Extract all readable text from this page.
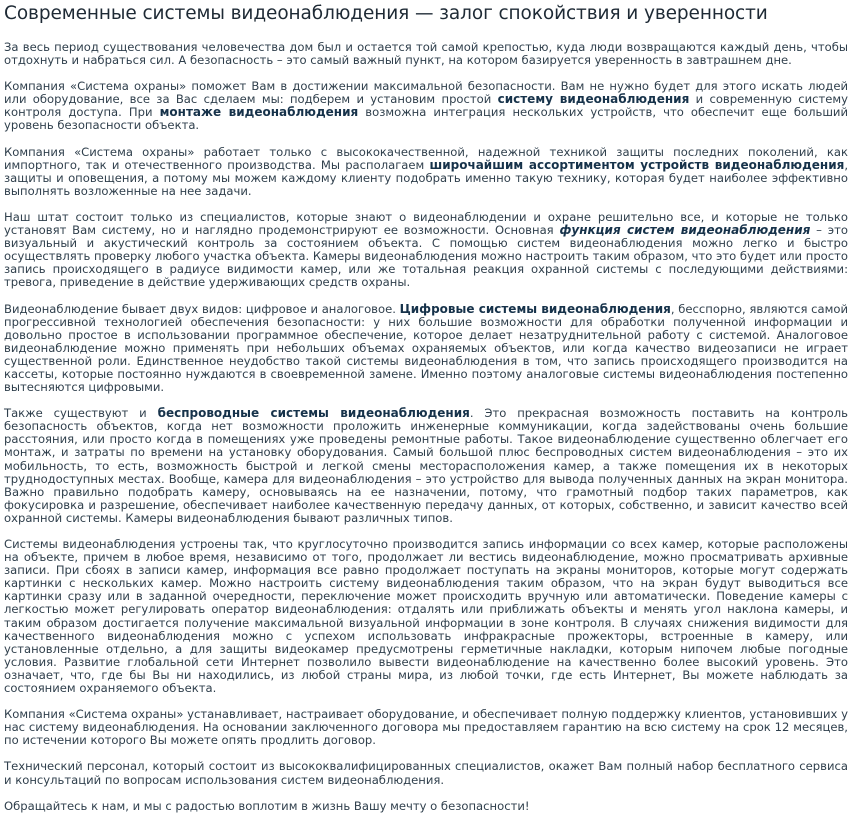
Современные системы видеонаблюдения — залог спокойствия и уверенности

За весь период существования человечества дом был и остается той самой крепостью, куда люди возвращаются каждый день, чтобы отдохнуть и набраться сил. А безопасность – это самый важный пункт, на котором базируется уверенность в завтрашнем дне.

Компания «Система охраны» поможет Вам в достижении максимальной безопасности. Вам не нужно будет для этого искать людей или оборудование, все за Вас сделаем мы: подберем и установим простой систему видеонаблюдения и современную систему контроля доступа. При монтаже видеонаблюдения возможна интеграция нескольких устройств, что обеспечит еще больший уровень безопасности объекта.

Компания «Система охраны» работает только с высококачественной, надежной техникой защиты последних поколений, как импортного, так и отечественного производства. Мы располагаем широчайшим ассортиментом устройств видеонаблюдения, защиты и оповещения, а потому мы можем каждому клиенту подобрать именно такую технику, которая будет наиболее эффективно выполнять возложенные на нее задачи.

Наш штат состоит только из специалистов, которые знают о видеонаблюдении и охране решительно все, и которые не только установят Вам систему, но и наглядно продемонстрируют ее возможности. Основная функция систем видеонаблюдения – это визуальный и акустический контроль за состоянием объекта. С помощью систем видеонаблюдения можно легко и быстро осуществлять проверку любого участка объекта. Камеры видеонаблюдения можно настроить таким образом, что это будет или просто запись происходящего в радиусе видимости камер, или же тотальная реакция охранной системы с последующими действиями: тревога, приведение в действие удерживающих средств охраны.

Видеонаблюдение бывает двух видов: цифровое и аналоговое. Цифровые системы видеонаблюдения, бесспорно, являются самой прогрессивной технологией обеспечения безопасности: у них большие возможности для обработки полученной информации и довольно простое в использовании программное обеспечение, которое делает незатруднительной работу с системой. Аналоговое видеонаблюдение можно применять при небольших объемах охраняемых объектов, или когда качество видеозаписи не играет существенной роли. Единственное неудобство такой системы видеонаблюдения в том, что запись происходящего производится на кассеты, которые постоянно нуждаются в своевременной замене. Именно поэтому аналоговые системы видеонаблюдения постепенно вытесняются цифровыми.

Также существуют и беспроводные системы видеонаблюдения. Это прекрасная возможность поставить на контроль безопасность объектов, когда нет возможности проложить инженерные коммуникации, когда задействованы очень большие расстояния, или просто когда в помещениях уже проведены ремонтные работы. Такое видеонаблюдение существенно облегчает его монтаж, и затраты по времени на установку оборудования. Самый большой плюс беспроводных систем видеонаблюдения – это их мобильность, то есть, возможность быстрой и легкой смены месторасположения камер, а также помещения их в некоторых труднодоступных местах. Вообще, камера для видеонаблюдения – это устройство для вывода полученных данных на экран монитора. Важно правильно подобрать камеру, основываясь на ее назначении, потому, что грамотный подбор таких параметров, как фокусировка и разрешение, обеспечивает наиболее качественную передачу данных, от которых, собственно, и зависит качество всей охранной системы. Камеры видеонаблюдения бывают различных типов.

Системы видеонаблюдения устроены так, что круглосуточно производится запись информации со всех камер, которые расположены на объекте, причем в любое время, независимо от того, продолжает ли вестись видеонаблюдение, можно просматривать архивные записи. При сбоях в записи камер, информация все равно продолжает поступать на экраны мониторов, которые могут содержать картинки с нескольких камер. Можно настроить систему видеонаблюдения таким образом, что на экран будут выводиться все картинки сразу или в заданной очередности, переключение может происходить вручную или автоматически. Поведение камеры с легкостью может регулировать оператор видеонаблюдения: отдалять или приближать объекты и менять угол наклона камеры, и таким образом достигается получение максимальной визуальной информации в зоне контроля. В случаях снижения видимости для качественного видеонаблюдения можно с успехом использовать инфракрасные прожекторы, встроенные в камеру, или установленные отдельно, а для защиты видеокамер предусмотрены герметичные накладки, которым нипочем любые погодные условия. Развитие глобальной сети Интернет позволило вывести видеонаблюдение на качественно более высокий уровень. Это означает, что, где бы Вы ни находились, из любой страны мира, из любой точки, где есть Интернет, Вы можете наблюдать за состоянием охраняемого объекта.

Компания «Система охраны» устанавливает, настраивает оборудование, и обеспечивает полную поддержку клиентов, установивших у нас систему видеонаблюдения. На основании заключенного договора мы предоставляем гарантию на всю систему на срок 12 месяцев, по истечении которого Вы можете опять продлить договор.

Технический персонал, который состоит из высококвалифицированных специалистов, окажет Вам полный набор бесплатного сервиса и консультаций по вопросам использования систем видеонаблюдения.

Обращайтесь к нам, и мы с радостью воплотим в жизнь Вашу мечту о безопасности!
